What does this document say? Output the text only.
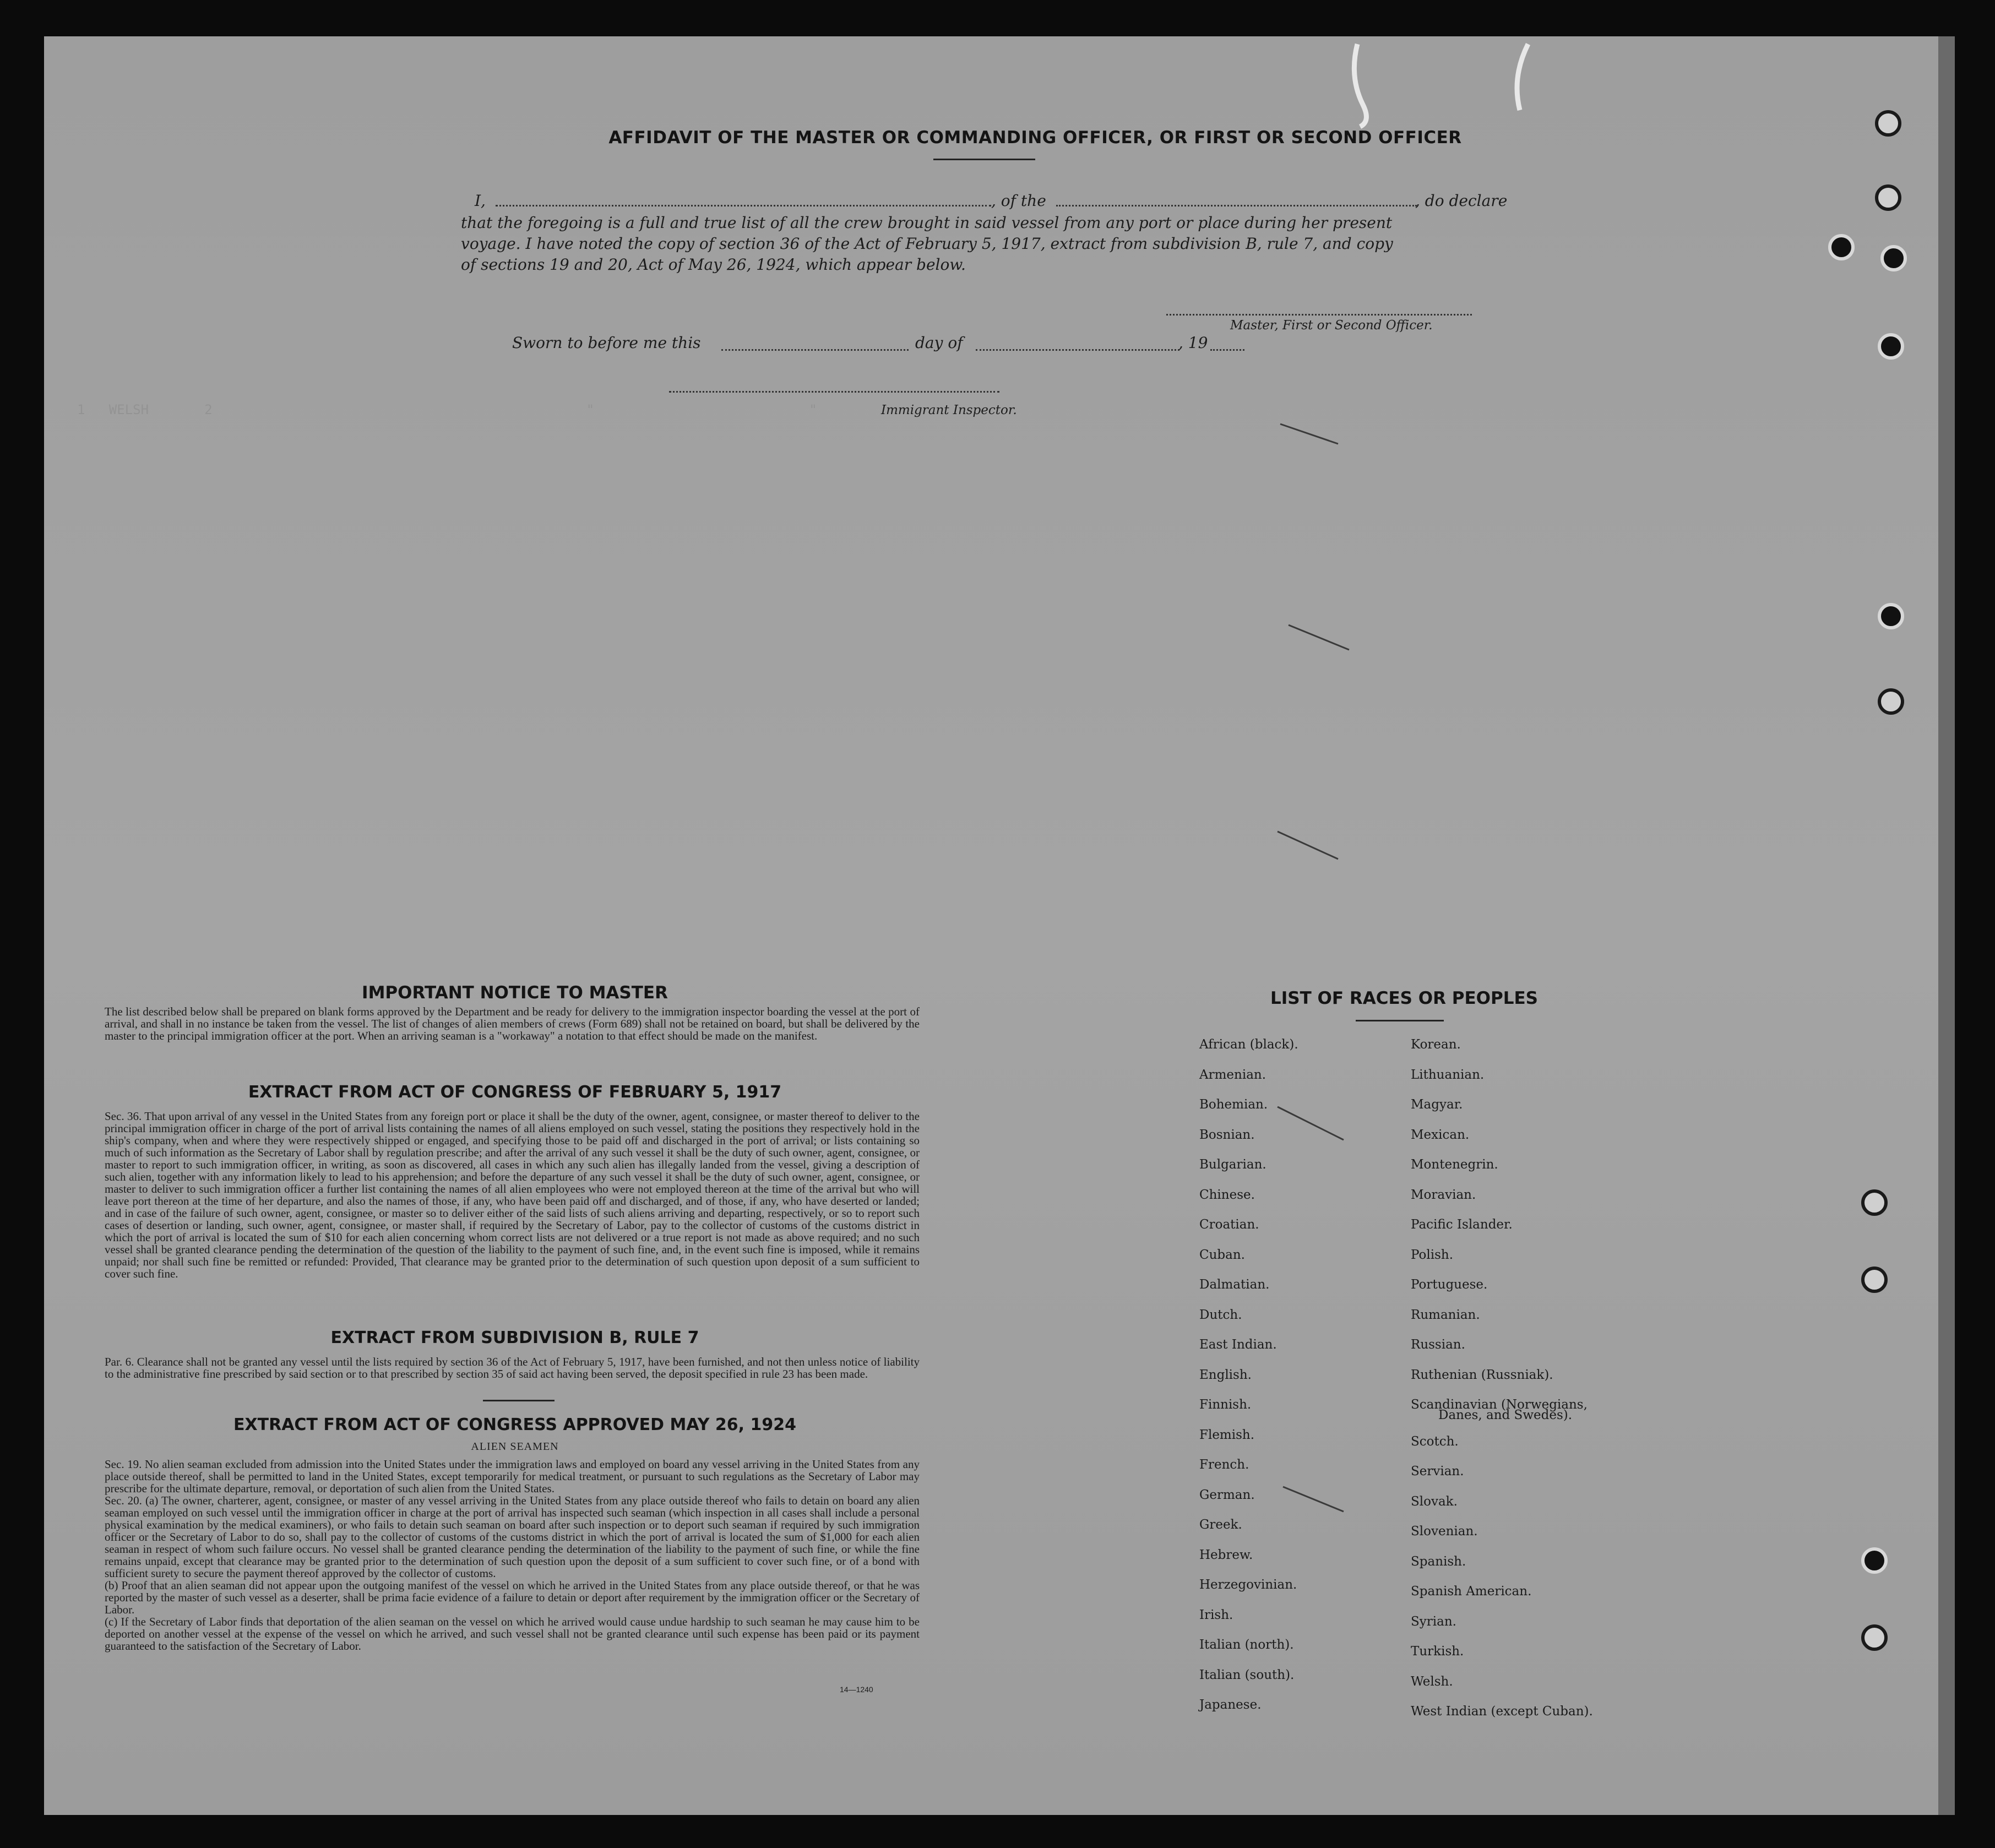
1   WELSH       2                                               "                           "
AFFIDAVIT OF THE MASTER OR COMMANDING OFFICER, OR FIRST OR SECOND OFFICER
I,	, of the	, do declare
that the foregoing is a full and true list of all the crew brought in said vessel from any port or place during her present
voyage. I have noted the copy of section 36 of the Act of February 5, 1917, extract from subdivision B, rule 7, and copy
of sections 19 and 20, Act of May 26, 1924, which appear below.
Master, First or Second Officer.
Sworn to before me this	day of	, 19
Immigrant Inspector.
IMPORTANT NOTICE TO MASTER
The list described below shall be prepared on blank forms approved by the Department and be ready for delivery to the immigration inspector boarding the vessel at the port of arrival, and shall in no instance be taken from the vessel. The list of changes of alien members of crews (Form 689) shall not be retained on board, but shall be delivered by the master to the principal immigration officer at the port. When an arriving seaman is a "workaway" a notation to that effect should be made on the manifest.
EXTRACT FROM ACT OF CONGRESS OF FEBRUARY 5, 1917
Sec. 36. That upon arrival of any vessel in the United States from any foreign port or place it shall be the duty of the owner, agent, consignee, or master thereof to deliver to the principal immigration officer in charge of the port of arrival lists containing the names of all aliens employed on such vessel, stating the positions they respectively hold in the ship's company, when and where they were respectively shipped or engaged, and specifying those to be paid off and discharged in the port of arrival; or lists containing so much of such information as the Secretary of Labor shall by regulation prescribe; and after the arrival of any such vessel it shall be the duty of such owner, agent, consignee, or master to report to such immigration officer, in writing, as soon as discovered, all cases in which any such alien has illegally landed from the vessel, giving a description of such alien, together with any information likely to lead to his apprehension; and before the departure of any such vessel it shall be the duty of such owner, agent, consignee, or master to deliver to such immigration officer a further list containing the names of all alien employees who were not employed thereon at the time of the arrival but who will leave port thereon at the time of her departure, and also the names of those, if any, who have been paid off and discharged, and of those, if any, who have deserted or landed; and in case of the failure of such owner, agent, consignee, or master so to deliver either of the said lists of such aliens arriving and departing, respectively, or so to report such cases of desertion or landing, such owner, agent, consignee, or master shall, if required by the Secretary of Labor, pay to the collector of customs of the customs district in which the port of arrival is located the sum of $10 for each alien concerning whom correct lists are not delivered or a true report is not made as above required; and no such vessel shall be granted clearance pending the determination of the question of the liability to the payment of such fine, and, in the event such fine is imposed, while it remains unpaid; nor shall such fine be remitted or refunded: Provided, That clearance may be granted prior to the determination of such question upon deposit of a sum sufficient to cover such fine.
EXTRACT FROM SUBDIVISION B, RULE 7
Par. 6. Clearance shall not be granted any vessel until the lists required by section 36 of the Act of February 5, 1917, have been furnished, and not then unless notice of liability to the administrative fine prescribed by said section or to that prescribed by section 35 of said act having been served, the deposit specified in rule 23 has been made.
EXTRACT FROM ACT OF CONGRESS APPROVED MAY 26, 1924
ALIEN SEAMEN
Sec. 19. No alien seaman excluded from admission into the United States under the immigration laws and employed on board any vessel arriving in the United States from any place outside thereof, shall be permitted to land in the United States, except temporarily for medical treatment, or pursuant to such regulations as the Secretary of Labor may prescribe for the ultimate departure, removal, or deportation of such alien from the United States.
Sec. 20. (a) The owner, charterer, agent, consignee, or master of any vessel arriving in the United States from any place outside thereof who fails to detain on board any alien seaman employed on such vessel until the immigration officer in charge at the port of arrival has inspected such seaman (which inspection in all cases shall include a personal physical examination by the medical examiners), or who fails to detain such seaman on board after such inspection or to deport such seaman if required by such immigration officer or the Secretary of Labor to do so, shall pay to the collector of customs of the customs district in which the port of arrival is located the sum of $1,000 for each alien seaman in respect of whom such failure occurs. No vessel shall be granted clearance pending the determination of the liability to the payment of such fine, or while the fine remains unpaid, except that clearance may be granted prior to the determination of such question upon the deposit of a sum sufficient to cover such fine, or of a bond with sufficient surety to secure the payment thereof approved by the collector of customs.
(b) Proof that an alien seaman did not appear upon the outgoing manifest of the vessel on which he arrived in the United States from any place outside thereof, or that he was reported by the master of such vessel as a deserter, shall be prima facie evidence of a failure to detain or deport after requirement by the immigration officer or the Secretary of Labor.
(c) If the Secretary of Labor finds that deportation of the alien seaman on the vessel on which he arrived would cause undue hardship to such seaman he may cause him to be deported on another vessel at the expense of the vessel on which he arrived, and such vessel shall not be granted clearance until such expense has been paid or its payment guaranteed to the satisfaction of the Secretary of Labor.
14—1240
LIST OF RACES OR PEOPLES
African (black).
Armenian.
Bohemian.
Bosnian.
Bulgarian.
Chinese.
Croatian.
Cuban.
Dalmatian.
Dutch.
East Indian.
English.
Finnish.
Flemish.
French.
German.
Greek.
Hebrew.
Herzegovinian.
Irish.
Italian (north).
Italian (south).
Japanese.
Korean.
Lithuanian.
Magyar.
Mexican.
Montenegrin.
Moravian.
Pacific Islander.
Polish.
Portuguese.
Rumanian.
Russian.
Ruthenian (Russniak).
Scandinavian (Norwegians,
Scotch.
Servian.
Slovak.
Slovenian.
Spanish.
Spanish American.
Syrian.
Turkish.
Welsh.
West Indian (except Cuban).
Danes, and Swedes).
